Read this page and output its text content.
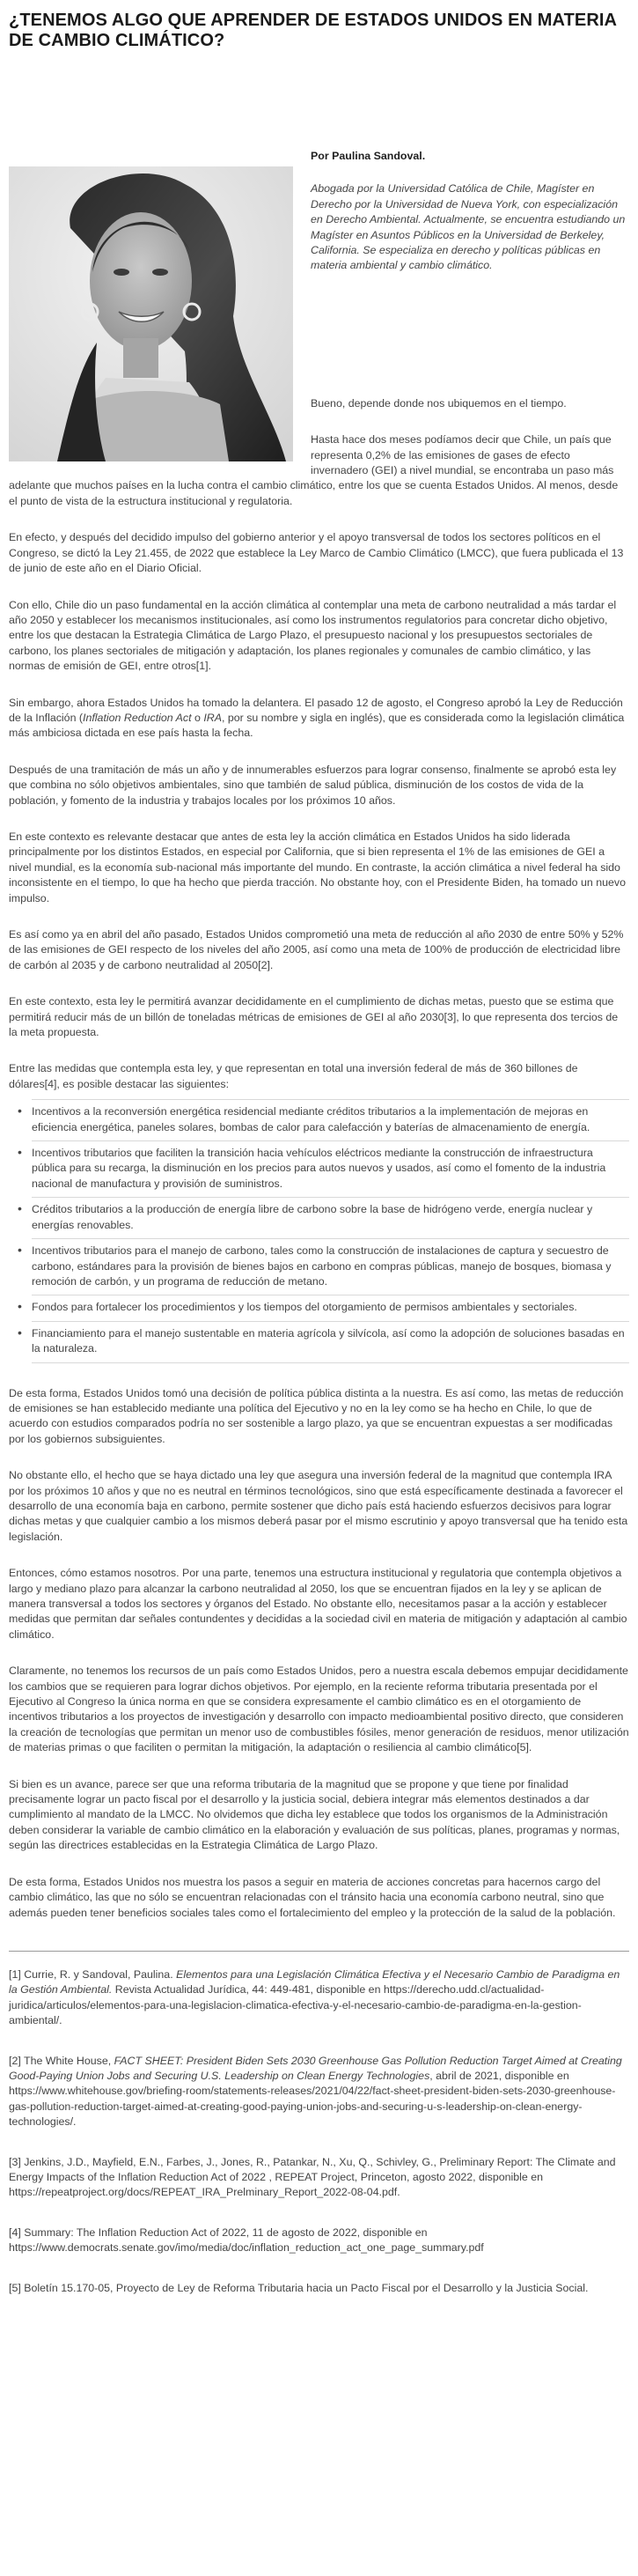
¿TENEMOS ALGO QUE APRENDER DE ESTADOS UNIDOS EN MATERIA DE CAMBIO CLIMÁTICO?

Por Paulina Sandoval.

Abogada por la Universidad Católica de Chile, Magíster en Derecho por la Universidad de Nueva York, con especialización en Derecho Ambiental. Actualmente, se encuentra estudiando un Magíster en Asuntos Públicos en la Universidad de Berkeley, California. Se especializa en derecho y políticas públicas en materia ambiental y cambio climático.

Bueno, depende donde nos ubiquemos en el tiempo.

Hasta hace dos meses podíamos decir que Chile, un país que representa 0,2% de las emisiones de gases de efecto invernadero (GEI) a nivel mundial, se encontraba un paso más adelante que muchos países en la lucha contra el cambio climático, entre los que se cuenta Estados Unidos. Al menos, desde el punto de vista de la estructura institucional y regulatoria.

En efecto, y después del decidido impulso del gobierno anterior y el apoyo transversal de todos los sectores políticos en el Congreso, se dictó la Ley 21.455, de 2022 que establece la Ley Marco de Cambio Climático (LMCC), que fuera publicada el 13 de junio de este año en el Diario Oficial.

Con ello, Chile dio un paso fundamental en la acción climática al contemplar una meta de carbono neutralidad a más tardar el año 2050 y establecer los mecanismos institucionales, así como los instrumentos regulatorios para concretar dicho objetivo, entre los que destacan la Estrategia Climática de Largo Plazo, el presupuesto nacional y los presupuestos sectoriales de carbono, los planes sectoriales de mitigación y adaptación, los planes regionales y comunales de cambio climático, y las normas de emisión de GEI, entre otros[1].

Sin embargo, ahora Estados Unidos ha tomado la delantera. El pasado 12 de agosto, el Congreso aprobó la Ley de Reducción de la Inflación (Inflation Reduction Act o IRA, por su nombre y sigla en inglés), que es considerada como la legislación climática más ambiciosa dictada en ese país hasta la fecha.

Después de una tramitación de más un año y de innumerables esfuerzos para lograr consenso, finalmente se aprobó esta ley que combina no sólo objetivos ambientales, sino que también de salud pública, disminución de los costos de vida de la población, y fomento de la industria y trabajos locales por los próximos 10 años.

En este contexto es relevante destacar que antes de esta ley la acción climática en Estados Unidos ha sido liderada principalmente por los distintos Estados, en especial por California, que si bien representa el 1% de las emisiones de GEI a nivel mundial, es la economía sub-nacional más importante del mundo. En contraste, la acción climática a nivel federal ha sido inconsistente en el tiempo, lo que ha hecho que pierda tracción. No obstante hoy, con el Presidente Biden, ha tomado un nuevo impulso.

Es así como ya en abril del año pasado, Estados Unidos comprometió una meta de reducción al año 2030 de entre 50% y 52% de las emisiones de GEI respecto de los niveles del año 2005, así como una meta de 100% de producción de electricidad libre de carbón al 2035 y de carbono neutralidad al 2050[2].

En este contexto, esta ley le permitirá avanzar decididamente en el cumplimiento de dichas metas, puesto que se estima que permitirá reducir más de un billón de toneladas métricas de emisiones de GEI al año 2030[3], lo que representa dos tercios de la meta propuesta.

Entre las medidas que contempla esta ley, y que representan en total una inversión federal de más de 360 billones de dólares[4], es posible destacar las siguientes:

• Incentivos a la reconversión energética residencial mediante créditos tributarios a la implementación de mejoras en eficiencia energética, paneles solares, bombas de calor para calefacción y baterías de almacenamiento de energía.
• Incentivos tributarios que faciliten la transición hacia vehículos eléctricos mediante la construcción de infraestructura pública para su recarga, la disminución en los precios para autos nuevos y usados, así como el fomento de la industria nacional de manufactura y provisión de suministros.
• Créditos tributarios a la producción de energía libre de carbono sobre la base de hidrógeno verde, energía nuclear y energías renovables.
• Incentivos tributarios para el manejo de carbono, tales como la construcción de instalaciones de captura y secuestro de carbono, estándares para la provisión de bienes bajos en carbono en compras públicas, manejo de bosques, biomasa y remoción de carbón, y un programa de reducción de metano.
• Fondos para fortalecer los procedimientos y los tiempos del otorgamiento de permisos ambientales y sectoriales.
• Financiamiento para el manejo sustentable en materia agrícola y silvícola, así como la adopción de soluciones basadas en la naturaleza.

De esta forma, Estados Unidos tomó una decisión de política pública distinta a la nuestra. Es así como, las metas de reducción de emisiones se han establecido mediante una política del Ejecutivo y no en la ley como se ha hecho en Chile, lo que de acuerdo con estudios comparados podría no ser sostenible a largo plazo, ya que se encuentran expuestas a ser modificadas por los gobiernos subsiguientes.

No obstante ello, el hecho que se haya dictado una ley que asegura una inversión federal de la magnitud que contempla IRA por los próximos 10 años y que no es neutral en términos tecnológicos, sino que está específicamente destinada a favorecer el desarrollo de una economía baja en carbono, permite sostener que dicho país está haciendo esfuerzos decisivos para lograr dichas metas y que cualquier cambio a los mismos deberá pasar por el mismo escrutinio y apoyo transversal que ha tenido esta legislación.

Entonces, cómo estamos nosotros. Por una parte, tenemos una estructura institucional y regulatoria que contempla objetivos a largo y mediano plazo para alcanzar la carbono neutralidad al 2050, los que se encuentran fijados en la ley y se aplican de manera transversal a todos los sectores y órganos del Estado. No obstante ello, necesitamos pasar a la acción y establecer medidas que permitan dar señales contundentes y decididas a la sociedad civil en materia de mitigación y adaptación al cambio climático.

Claramente, no tenemos los recursos de un país como Estados Unidos, pero a nuestra escala debemos empujar decididamente los cambios que se requieren para lograr dichos objetivos. Por ejemplo, en la reciente reforma tributaria presentada por el Ejecutivo al Congreso la única norma en que se considera expresamente el cambio climático es en el otorgamiento de incentivos tributarios a los proyectos de investigación y desarrollo con impacto medioambiental positivo directo, que consideren la creación de tecnologías que permitan un menor uso de combustibles fósiles, menor generación de residuos, menor utilización de materias primas o que faciliten o permitan la mitigación, la adaptación o resiliencia al cambio climático[5].

Si bien es un avance, parece ser que una reforma tributaria de la magnitud que se propone y que tiene por finalidad precisamente lograr un pacto fiscal por el desarrollo y la justicia social, debiera integrar más elementos destinados a dar cumplimiento al mandato de la LMCC. No olvidemos que dicha ley establece que todos los organismos de la Administración deben considerar la variable de cambio climático en la elaboración y evaluación de sus políticas, planes, programas y normas, según las directrices establecidas en la Estrategia Climática de Largo Plazo.

De esta forma, Estados Unidos nos muestra los pasos a seguir en materia de acciones concretas para hacernos cargo del cambio climático, las que no sólo se encuentran relacionadas con el tránsito hacia una economía carbono neutral, sino que además pueden tener beneficios sociales tales como el fortalecimiento del empleo y la protección de la salud de la población.

[1] Currie, R. y Sandoval, Paulina. Elementos para una Legislación Climática Efectiva y el Necesario Cambio de Paradigma en la Gestión Ambiental. Revista Actualidad Jurídica, 44: 449-481, disponible en https://derecho.udd.cl/actualidad-juridica/articulos/elementos-para-una-legislacion-climatica-efectiva-y-el-necesario-cambio-de-paradigma-en-la-gestion-ambiental/.

[2] The White House, FACT SHEET: President Biden Sets 2030 Greenhouse Gas Pollution Reduction Target Aimed at Creating Good-Paying Union Jobs and Securing U.S. Leadership on Clean Energy Technologies, abril de 2021, disponible en https://www.whitehouse.gov/briefing-room/statements-releases/2021/04/22/fact-sheet-president-biden-sets-2030-greenhouse-gas-pollution-reduction-target-aimed-at-creating-good-paying-union-jobs-and-securing-u-s-leadership-on-clean-energy-technologies/.

[3] Jenkins, J.D., Mayfield, E.N., Farbes, J., Jones, R., Patankar, N., Xu, Q., Schivley, G., Preliminary Report: The Climate and Energy Impacts of the Inflation Reduction Act of 2022 , REPEAT Project, Princeton, agosto 2022, disponible en https://repeatproject.org/docs/REPEAT_IRA_Prelminary_Report_2022-08-04.pdf.

[4] Summary: The Inflation Reduction Act of 2022, 11 de agosto de 2022, disponible en https://www.democrats.senate.gov/imo/media/doc/inflation_reduction_act_one_page_summary.pdf

[5] Boletín 15.170-05, Proyecto de Ley de Reforma Tributaria hacia un Pacto Fiscal por el Desarrollo y la Justicia Social.
